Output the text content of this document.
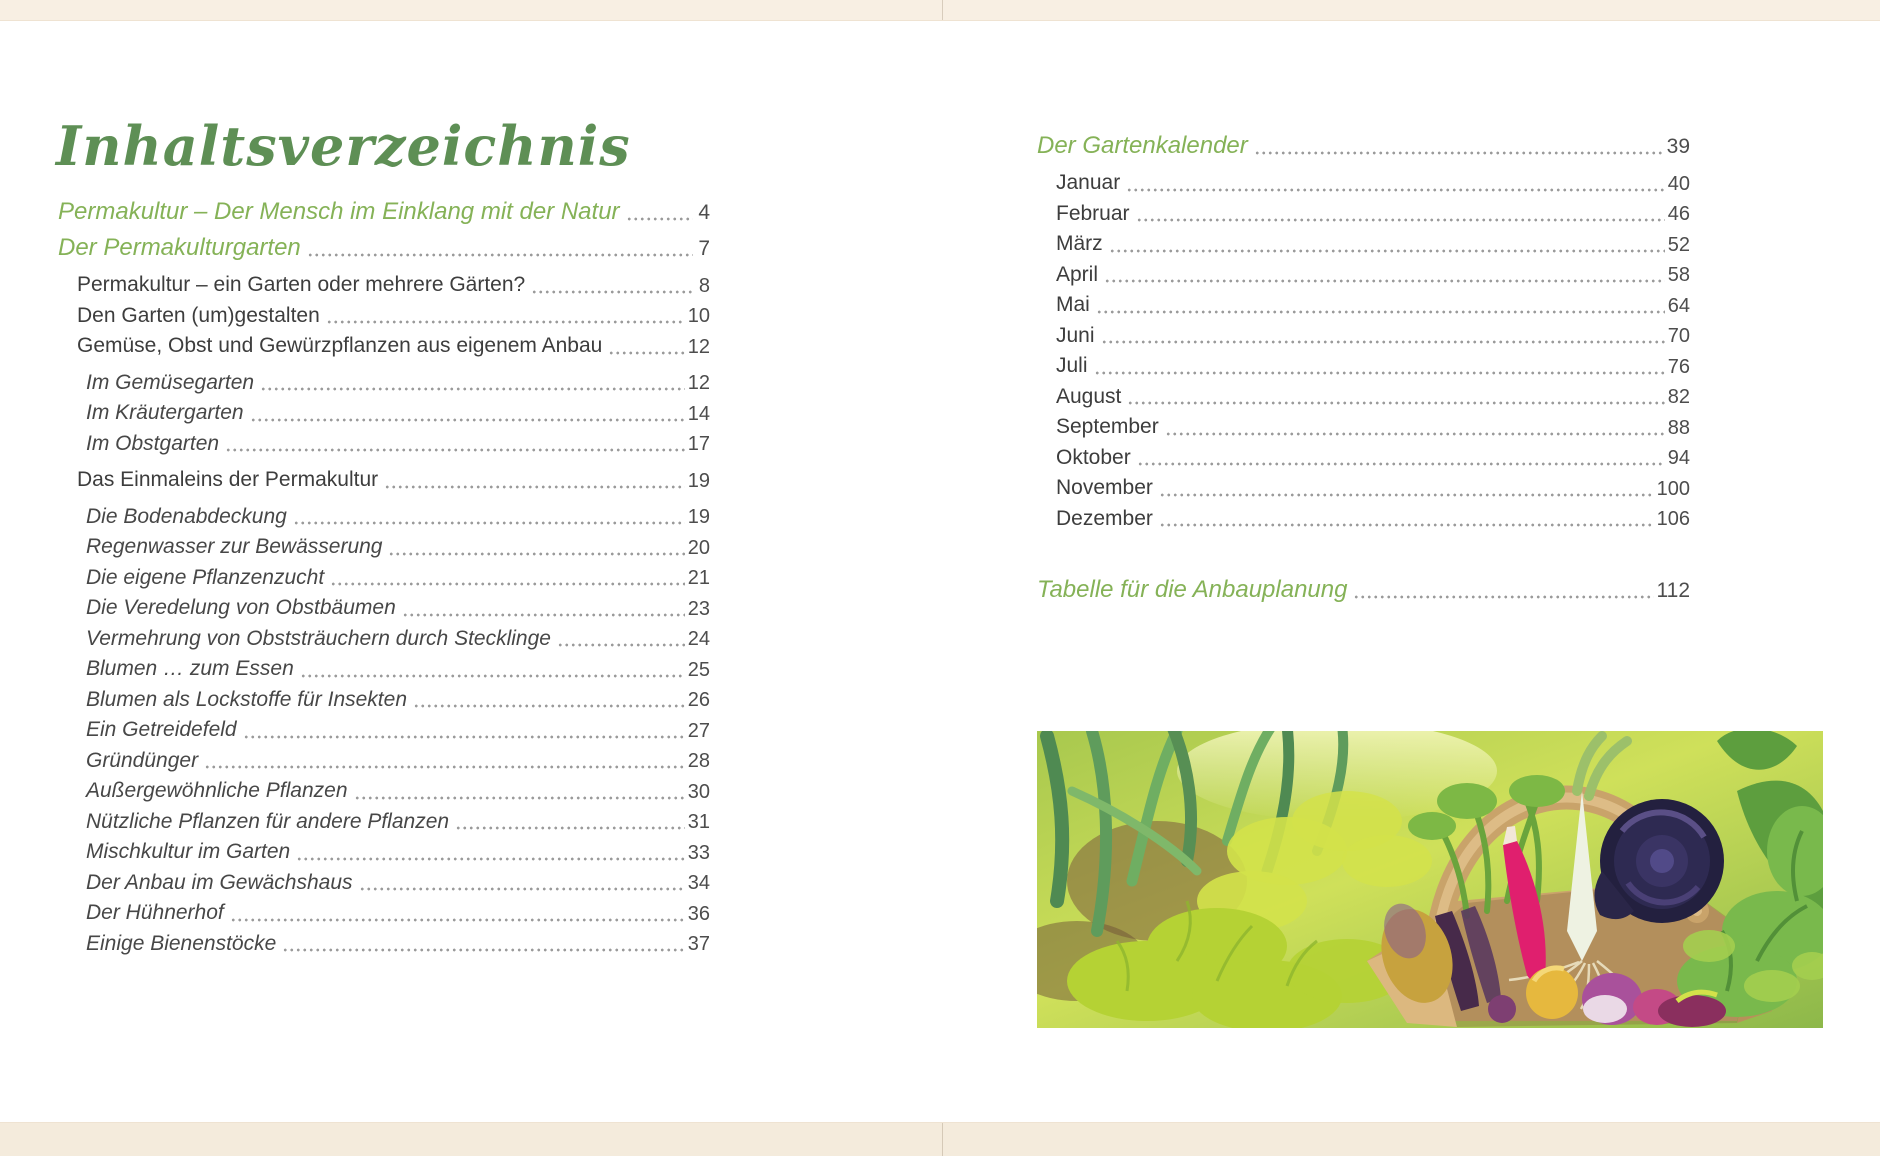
Inhaltsverzeichnis
Permakultur – Der Mensch im Einklang mit der Natur	4
Der Permakulturgarten	7
Permakultur – ein Garten oder mehrere Gärten?	8
Den Garten (um)gestalten	10
Gemüse, Obst und Gewürzpflanzen aus eigenem Anbau	12
Im Gemüsegarten	12
Im Kräutergarten	14
Im Obstgarten	17
Das Einmaleins der Permakultur	19
Die Bodenabdeckung	19
Regenwasser zur Bewässerung	20
Die eigene Pflanzenzucht	21
Die Veredelung von Obstbäumen	23
Vermehrung von Obststräuchern durch Stecklinge	24
Blumen … zum Essen	25
Blumen als Lockstoffe für Insekten	26
Ein Getreidefeld	27
Gründünger	28
Außergewöhnliche Pflanzen	30
Nützliche Pflanzen für andere Pflanzen	31
Mischkultur im Garten	33
Der Anbau im Gewächshaus	34
Der Hühnerhof	36
Einige Bienenstöcke	37
Der Gartenkalender	39
Januar	40
Februar	46
März	52
April	58
Mai	64
Juni	70
Juli	76
August	82
September	88
Oktober	94
November	100
Dezember	106
Tabelle für die Anbauplanung	112
